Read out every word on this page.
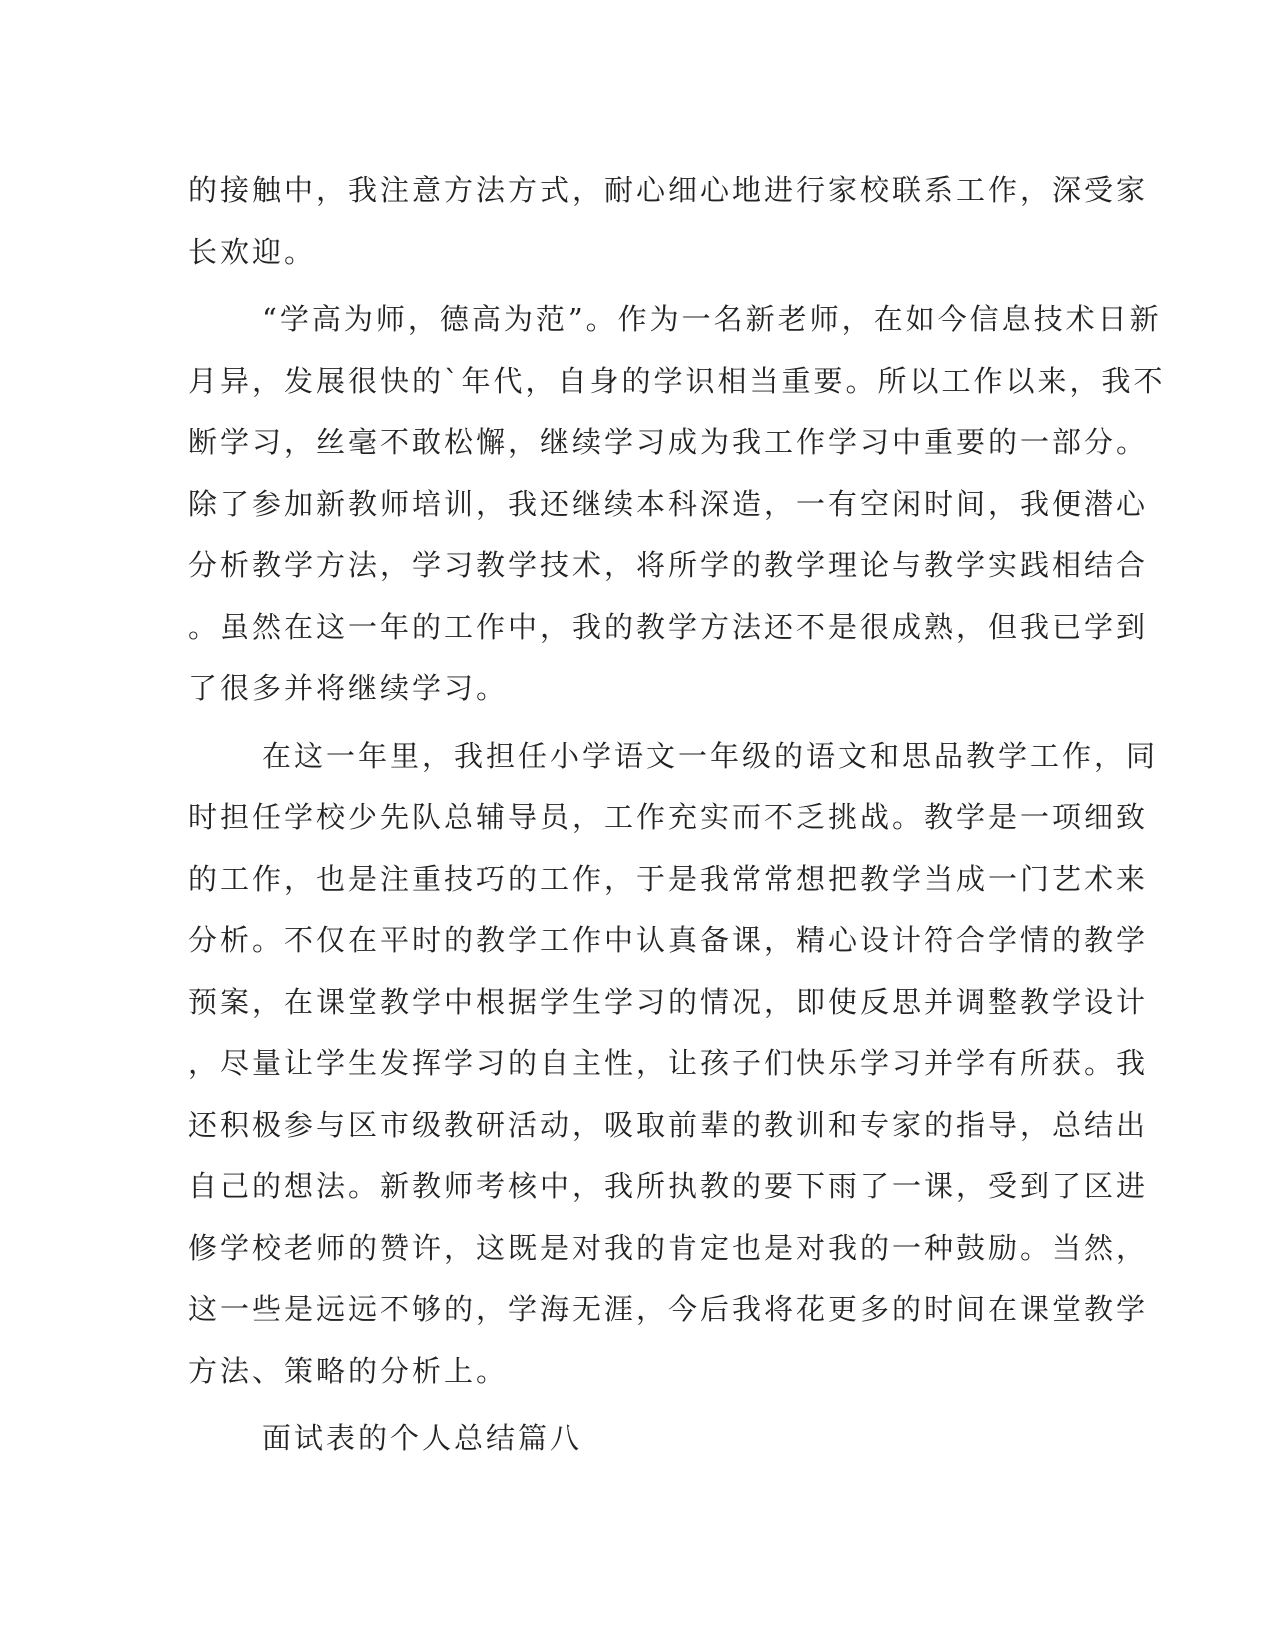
的接触中，我注意方法方式，耐心细心地进行家校联系工作，深受家
长欢迎。
“学高为师，德高为范”。作为一名新老师，在如今信息技术日新
月异，发展很快的`年代，自身的学识相当重要。所以工作以来，我不
断学习，丝毫不敢松懈，继续学习成为我工作学习中重要的一部分。
除了参加新教师培训，我还继续本科深造，一有空闲时间，我便潜心
分析教学方法，学习教学技术，将所学的教学理论与教学实践相结合
。虽然在这一年的工作中，我的教学方法还不是很成熟，但我已学到
了很多并将继续学习。
在这一年里，我担任小学语文一年级的语文和思品教学工作，同
时担任学校少先队总辅导员，工作充实而不乏挑战。教学是一项细致
的工作，也是注重技巧的工作，于是我常常想把教学当成一门艺术来
分析。不仅在平时的教学工作中认真备课，精心设计符合学情的教学
预案，在课堂教学中根据学生学习的情况，即使反思并调整教学设计
，尽量让学生发挥学习的自主性，让孩子们快乐学习并学有所获。我
还积极参与区市级教研活动，吸取前辈的教训和专家的指导，总结出
自己的想法。新教师考核中，我所执教的要下雨了一课，受到了区进
修学校老师的赞许，这既是对我的肯定也是对我的一种鼓励。当然，
这一些是远远不够的，学海无涯，今后我将花更多的时间在课堂教学
方法、策略的分析上。
面试表的个人总结篇八
